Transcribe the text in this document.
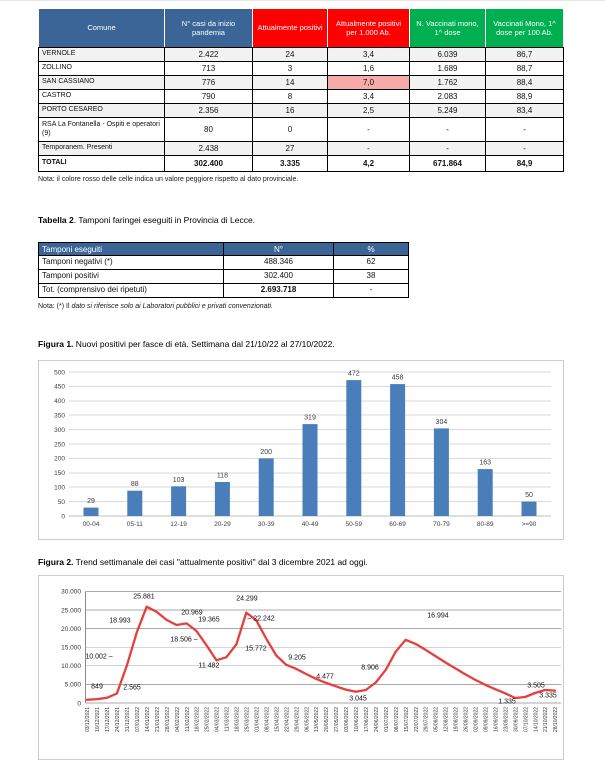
Comune	N° casi da inizio pandemia	Attualmente positivi	Attualmente positivi per 1.000 Ab.	N. Vaccinati mono, 1^ dose	Vaccinati Mono, 1^ dose per 100 Ab.
VERNOLE	2.422	24	3,4	6.039	86,7
ZOLLINO	713	3	1,6	1.689	88,7
SAN CASSIANO	776	14	7,0	1.762	88,4
CASTRO	790	8	3,4	2.083	88,9
PORTO CESAREO	2.356	16	2,5	5.249	83,4
RSA La Fontanella - Ospiti e operatori (9)	80	0	-	-	-
Temporanem. Presenti	2.438	27	-	-	-
TOTALI	302.400	3.335	4,2	671.864	84,9
Nota: il colore rosso delle celle indica un valore peggiore rispetto al dato provinciale.

Tabella 2. Tamponi faringei eseguiti in Provincia di Lecce.

Tamponi eseguiti	N°	%
Tamponi negativi (*)	488.346	62
Tamponi positivi	302.400	38
Tot. (comprensivo dei ripetuti)	2.693.718	-
Nota: (*) Il dato si riferisce solo ai Laboratori pubblici e privati convenzionati.

Figura 1. Nuovi positivi per fasce di età. Settimana dal 21/10/22 al 27/10/2022.

0
50
100
150
200
250
300
350
400
450
500
29
00-04
88
05-11
103
12-19
118
20-29
200
30-39
319
40-49
472
50-59
458
60-69
304
70-79
163
80-89
50
>=90

Figura 2. Trend settimanale dei casi "attualmente positivi" dal 3 dicembre 2021 ad oggi.

0
5.000
10.000
15.000
20.000
25.000
30.000
03/12/2021 10/12/2021 17/12/2021 24/12/2021 31/12/2021 07/01/2022 14/01/2022 21/01/2022 28/01/2022 04/02/2022 11/02/2022 18/02/2022 25/02/2022 04/03/2022 11/03/2022 18/03/2022 25/03/2022 01/04/2022 08/04/2022 15/04/2022 22/04/2022 29/04/2022 06/05/2022 13/05/2022 20/05/2022 27/05/2022 03/06/2022 10/06/2022 17/06/2022 24/06/2022 01/07/2022 08/07/2022 15/07/2022 22/07/2022 29/07/2022 05/08/2022 12/08/2022 19/08/2022 26/08/2022 02/09/2022 09/09/2022 16/09/2022 23/09/2022 30/09/2022 07/10/2022 14/10/2022 21/10/2022 28/10/2022
849	2.565
10.002 –
18.993
25.881
18.506 –
20.969
19.365
24.299
– 22.242
15.772
11.482
9.205
4.477
3.045
8.906
16.994
1.335
3.505
3.335
